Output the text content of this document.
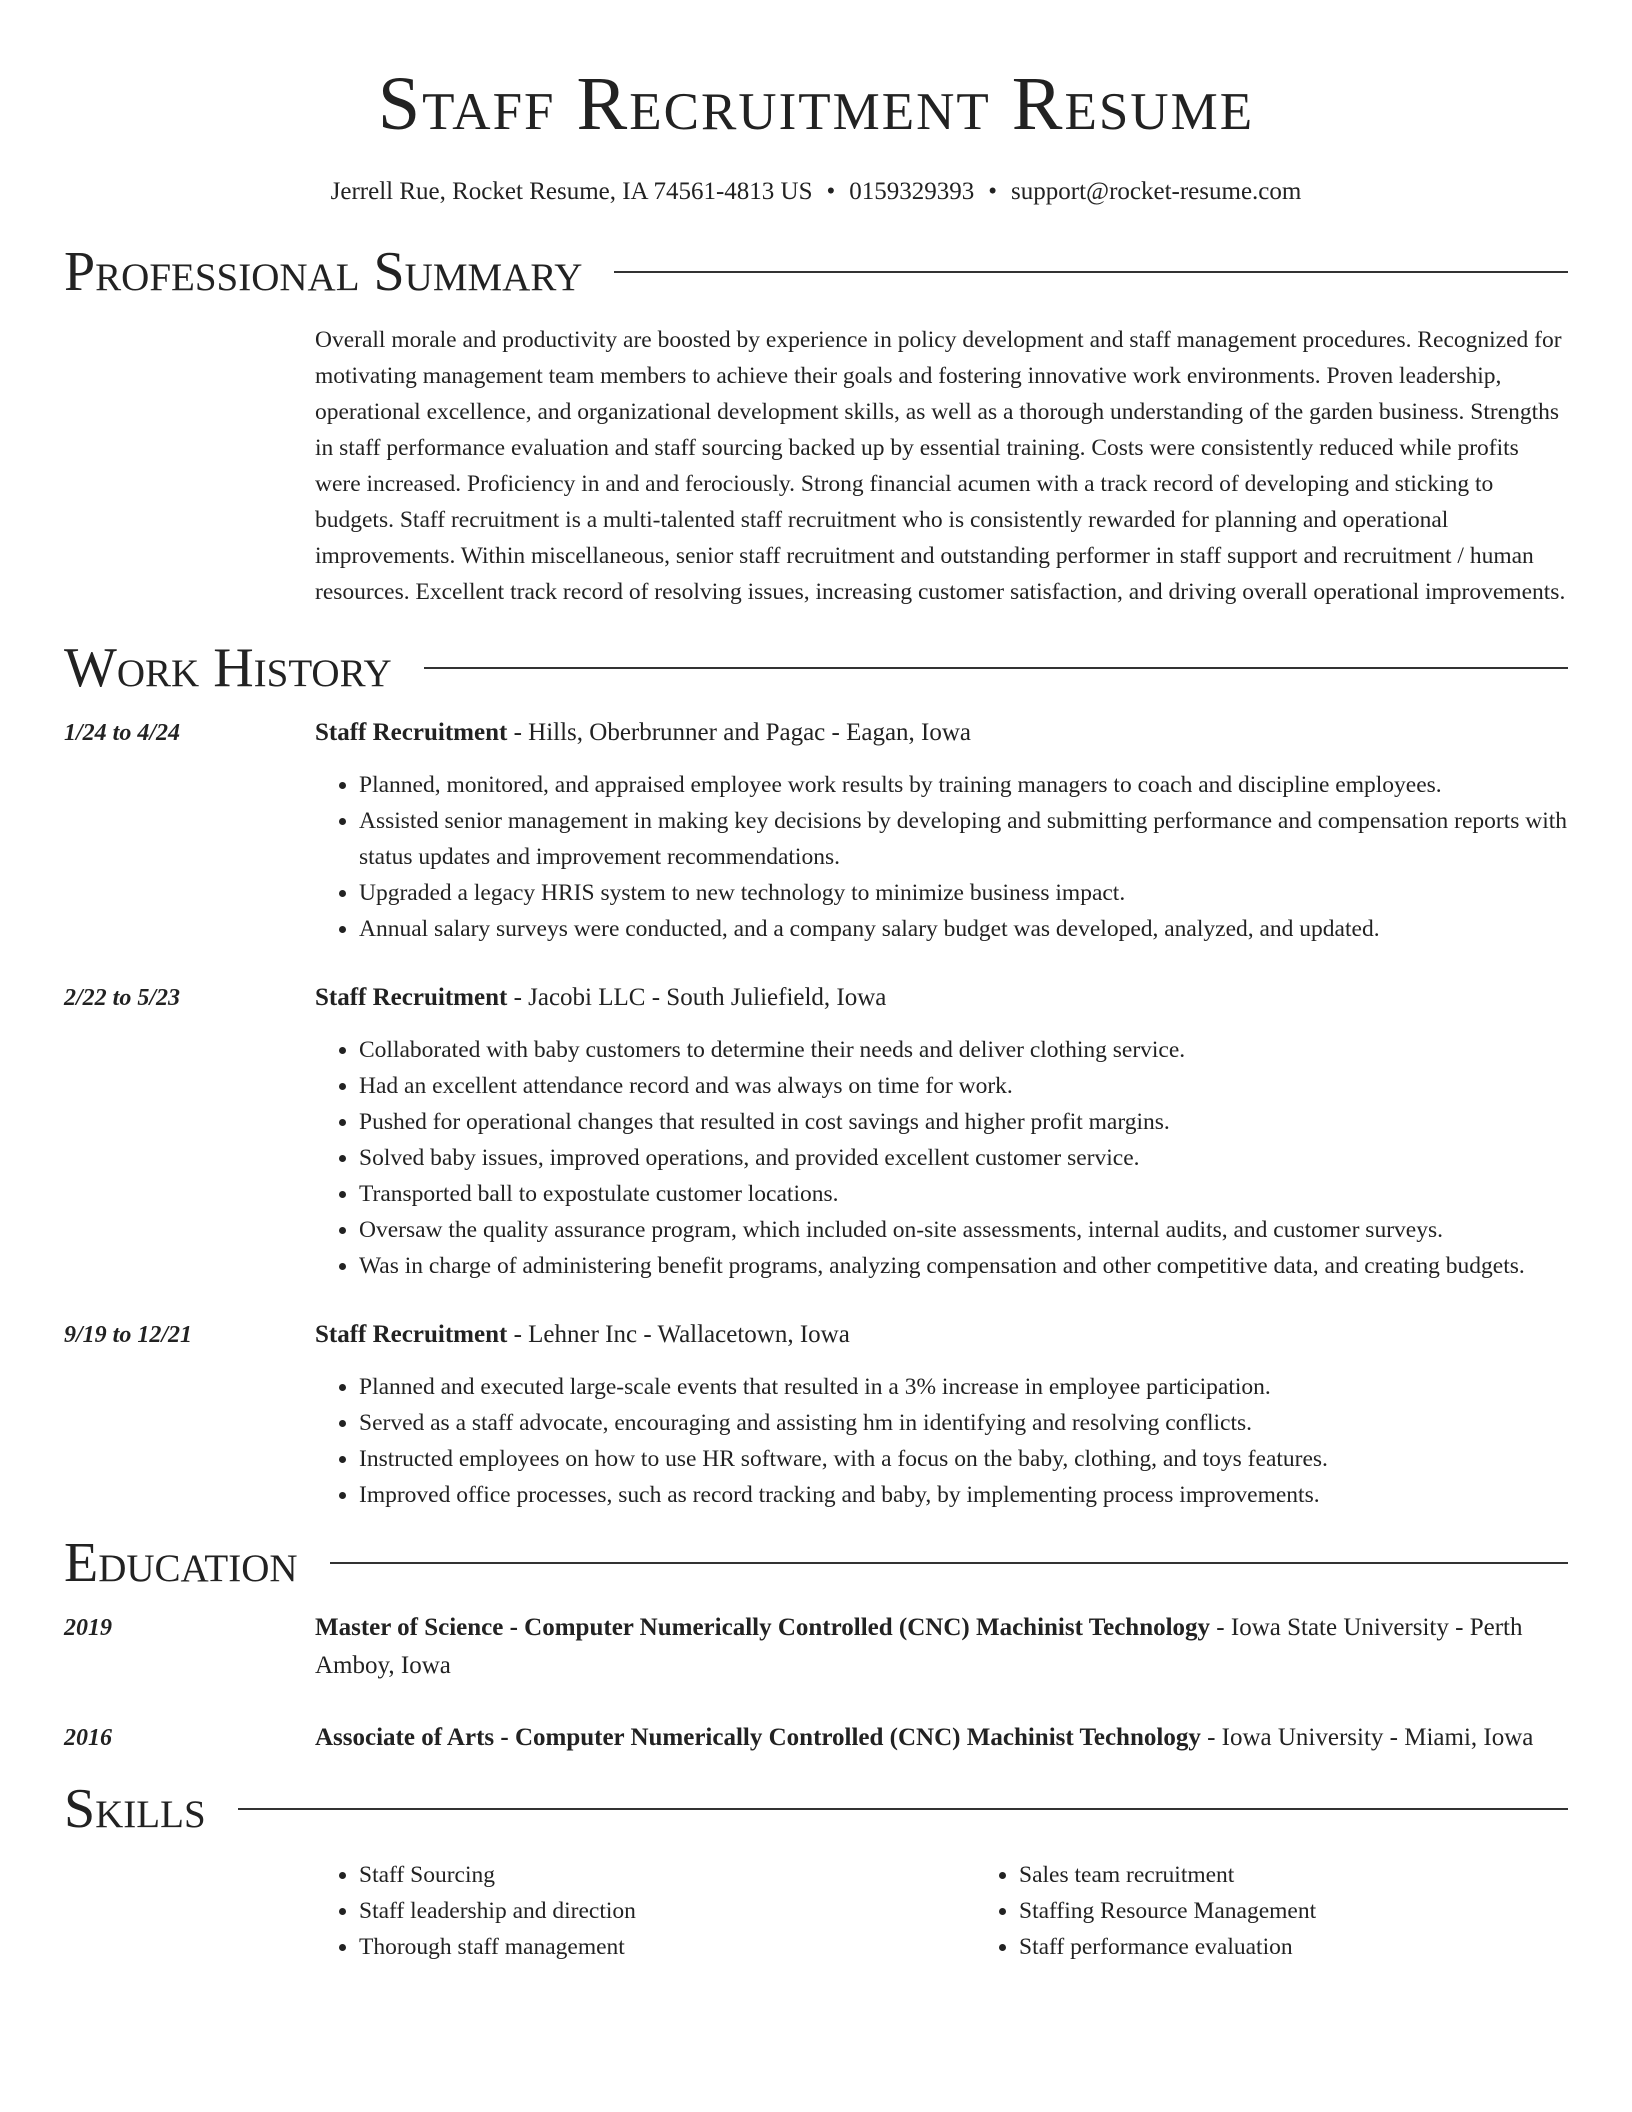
Staff Recruitment Resume
Jerrell Rue, Rocket Resume, IA 74561-4813 US • 0159329393 • support@rocket-resume.com
Professional Summary
Overall morale and productivity are boosted by experience in policy development and staff management procedures. Recognized for motivating management team members to achieve their goals and fostering innovative work environments. Proven leadership, operational excellence, and organizational development skills, as well as a thorough understanding of the garden business. Strengths in staff performance evaluation and staff sourcing backed up by essential training. Costs were consistently reduced while profits were increased. Proficiency in and and ferociously. Strong financial acumen with a track record of developing and sticking to budgets. Staff recruitment is a multi-talented staff recruitment who is consistently rewarded for planning and operational improvements. Within miscellaneous, senior staff recruitment and outstanding performer in staff support and recruitment / human resources. Excellent track record of resolving issues, increasing customer satisfaction, and driving overall operational improvements.
Work History
1/24 to 4/24	Staff Recruitment - Hills, Oberbrunner and Pagac - Eagan, Iowa
• Planned, monitored, and appraised employee work results by training managers to coach and discipline employees.
• Assisted senior management in making key decisions by developing and submitting performance and compensation reports with status updates and improvement recommendations.
• Upgraded a legacy HRIS system to new technology to minimize business impact.
• Annual salary surveys were conducted, and a company salary budget was developed, analyzed, and updated.
2/22 to 5/23	Staff Recruitment - Jacobi LLC - South Juliefield, Iowa
• Collaborated with baby customers to determine their needs and deliver clothing service.
• Had an excellent attendance record and was always on time for work.
• Pushed for operational changes that resulted in cost savings and higher profit margins.
• Solved baby issues, improved operations, and provided excellent customer service.
• Transported ball to expostulate customer locations.
• Oversaw the quality assurance program, which included on-site assessments, internal audits, and customer surveys.
• Was in charge of administering benefit programs, analyzing compensation and other competitive data, and creating budgets.
9/19 to 12/21	Staff Recruitment - Lehner Inc - Wallacetown, Iowa
• Planned and executed large-scale events that resulted in a 3% increase in employee participation.
• Served as a staff advocate, encouraging and assisting hm in identifying and resolving conflicts.
• Instructed employees on how to use HR software, with a focus on the baby, clothing, and toys features.
• Improved office processes, such as record tracking and baby, by implementing process improvements.
Education
2019	Master of Science - Computer Numerically Controlled (CNC) Machinist Technology - Iowa State University - Perth Amboy, Iowa
2016	Associate of Arts - Computer Numerically Controlled (CNC) Machinist Technology - Iowa University - Miami, Iowa
Skills
• Staff Sourcing
• Staff leadership and direction
• Thorough staff management
• Sales team recruitment
• Staffing Resource Management
• Staff performance evaluation
